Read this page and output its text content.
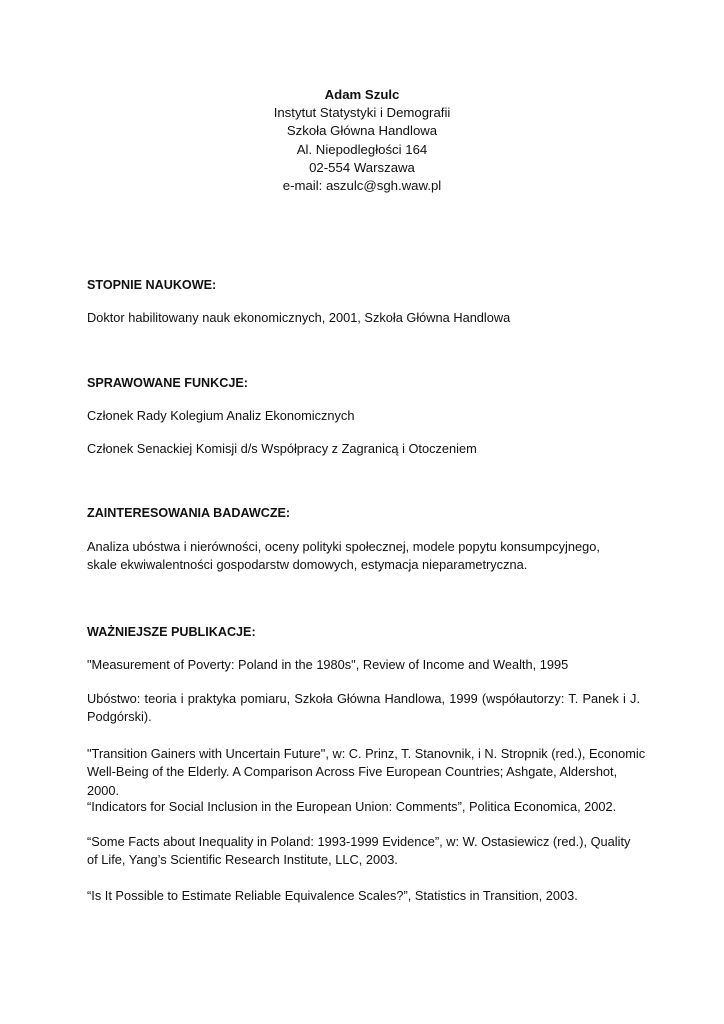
Adam Szulc
Instytut Statystyki i Demografii
Szkoła Główna Handlowa
Al. Niepodległości 164
02-554 Warszawa
e-mail: aszulc@sgh.waw.pl
STOPNIE NAUKOWE:

Doktor habilitowany nauk ekonomicznych, 2001, Szkoła Główna Handlowa

SPRAWOWANE FUNKCJE:

Członek Rady Kolegium Analiz Ekonomicznych

Członek Senackiej Komisji d/s Współpracy z Zagranicą i Otoczeniem

ZAINTERESOWANIA BADAWCZE:

Analiza ubóstwa i nierówności, oceny polityki społecznej, modele popytu konsumpcyjnego, skale ekwiwalentności gospodarstw domowych, estymacja nieparametryczna.

WAŻNIEJSZE PUBLIKACJE:

"Measurement of Poverty: Poland in the 1980s", Review of Income and Wealth, 1995

Ubóstwo: teoria i praktyka pomiaru, Szkoła Główna Handlowa, 1999 (współautorzy: T. Panek i J. Podgórski).

"Transition Gainers with Uncertain Future", w: C. Prinz, T. Stanovnik, i N. Stropnik (red.), Economic Well-Being of the Elderly. A Comparison Across Five European Countries; Ashgate, Aldershot, 2000.

“Indicators for Social Inclusion in the European Union: Comments”, Politica Economica, 2002.

“Some Facts about Inequality in Poland: 1993-1999 Evidence”, w: W. Ostasiewicz (red.), Quality of Life, Yang’s Scientific Research Institute, LLC, 2003.

“Is It Possible to Estimate Reliable Equivalence Scales?”, Statistics in Transition, 2003.
